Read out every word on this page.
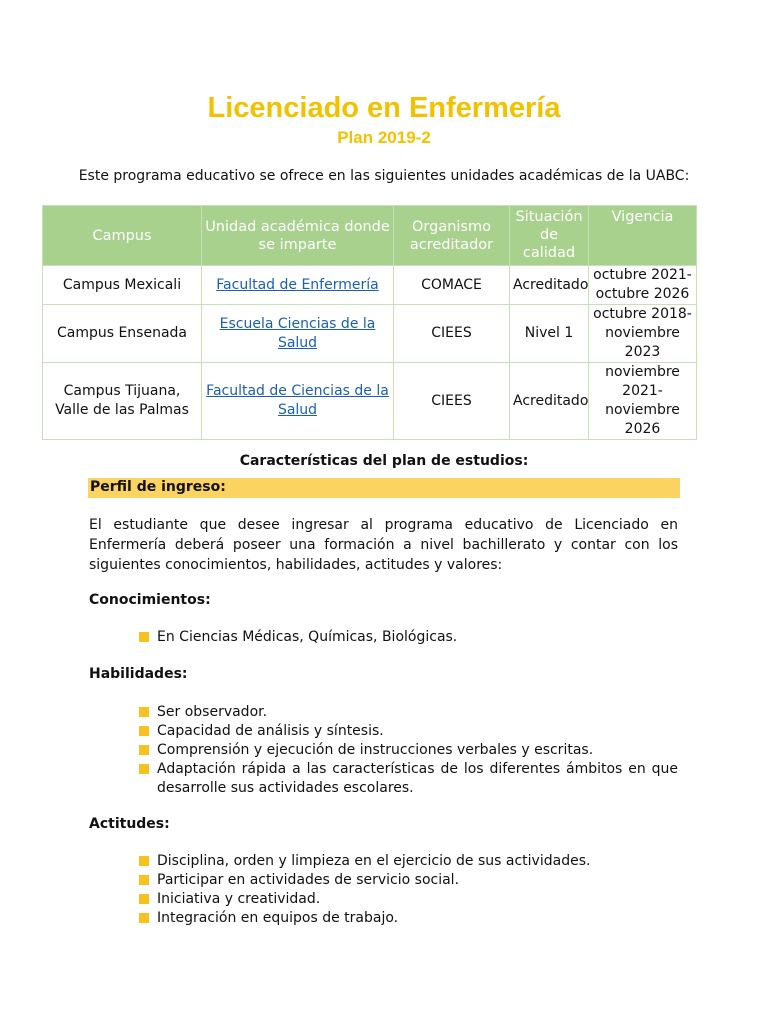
Licenciado en Enfermería
Plan 2019-2
Este programa educativo se ofrece en las siguientes unidades académicas de la UABC:
Campus	Unidad académica donde se imparte	Organismo acreditador	Situación de calidad	Vigencia
Campus Mexicali	Facultad de Enfermería	COMACE	Acreditado	octubre 2021-octubre 2026
Campus Ensenada	Escuela Ciencias de la Salud	CIEES	Nivel 1	octubre 2018-noviembre 2023
Campus Tijuana, Valle de las Palmas	Facultad de Ciencias de la Salud	CIEES	Acreditado	noviembre 2021-noviembre 2026
Características del plan de estudios:
Perfil de ingreso:
El estudiante que desee ingresar al programa educativo de Licenciado en Enfermería deberá poseer una formación a nivel bachillerato y contar con los siguientes conocimientos, habilidades, actitudes y valores:
Conocimientos:
En Ciencias Médicas, Químicas, Biológicas.
Habilidades:
Ser observador.
Capacidad de análisis y síntesis.
Comprensión y ejecución de instrucciones verbales y escritas.
Adaptación rápida a las características de los diferentes ámbitos en que desarrolle sus actividades escolares.
Actitudes:
Disciplina, orden y limpieza en el ejercicio de sus actividades.
Participar en actividades de servicio social.
Iniciativa y creatividad.
Integración en equipos de trabajo.
